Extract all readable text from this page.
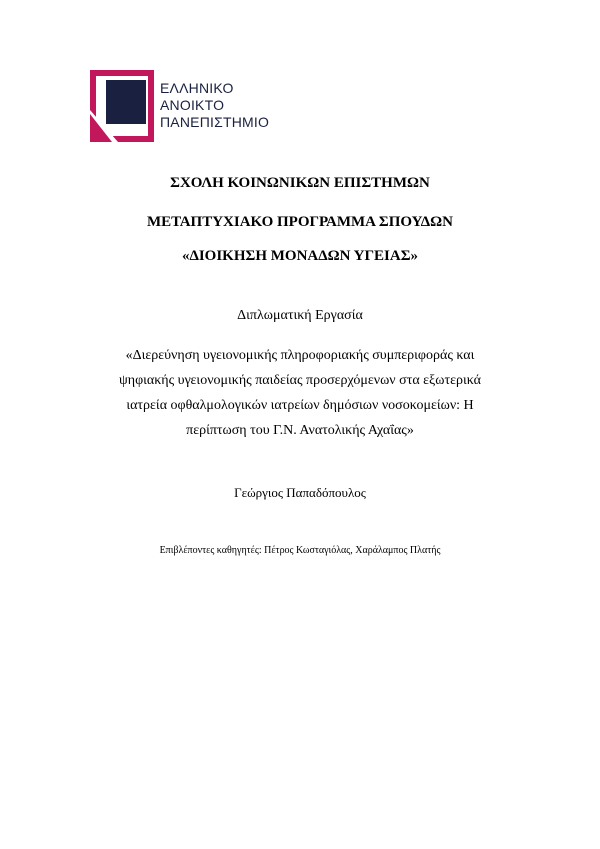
ΕΛΛΗΝΙΚΟ
ΑΝΟΙΚΤΟ
ΠΑΝΕΠΙΣΤΗΜΙΟ
ΣΧΟΛΗ ΚΟΙΝΩΝΙΚΩΝ ΕΠΙΣΤΗΜΩΝ
ΜΕΤΑΠΤΥΧΙΑΚΟ ΠΡΟΓΡΑΜΜΑ ΣΠΟΥΔΩΝ
«ΔΙΟΙΚΗΣΗ ΜΟΝΑΔΩΝ ΥΓΕΙΑΣ»
Διπλωματική Εργασία
«Διερεύνηση υγειονομικής πληροφοριακής συμπεριφοράς και
ψηφιακής υγειονομικής παιδείας προσερχόμενων στα εξωτερικά
ιατρεία οφθαλμολογικών ιατρείων δημόσιων νοσοκομείων: Η
περίπτωση του Γ.Ν. Ανατολικής Αχαΐας»
Γεώργιος Παπαδόπουλος
Επιβλέποντες καθηγητές: Πέτρος Κωσταγιόλας, Χαράλαμπος Πλατής
